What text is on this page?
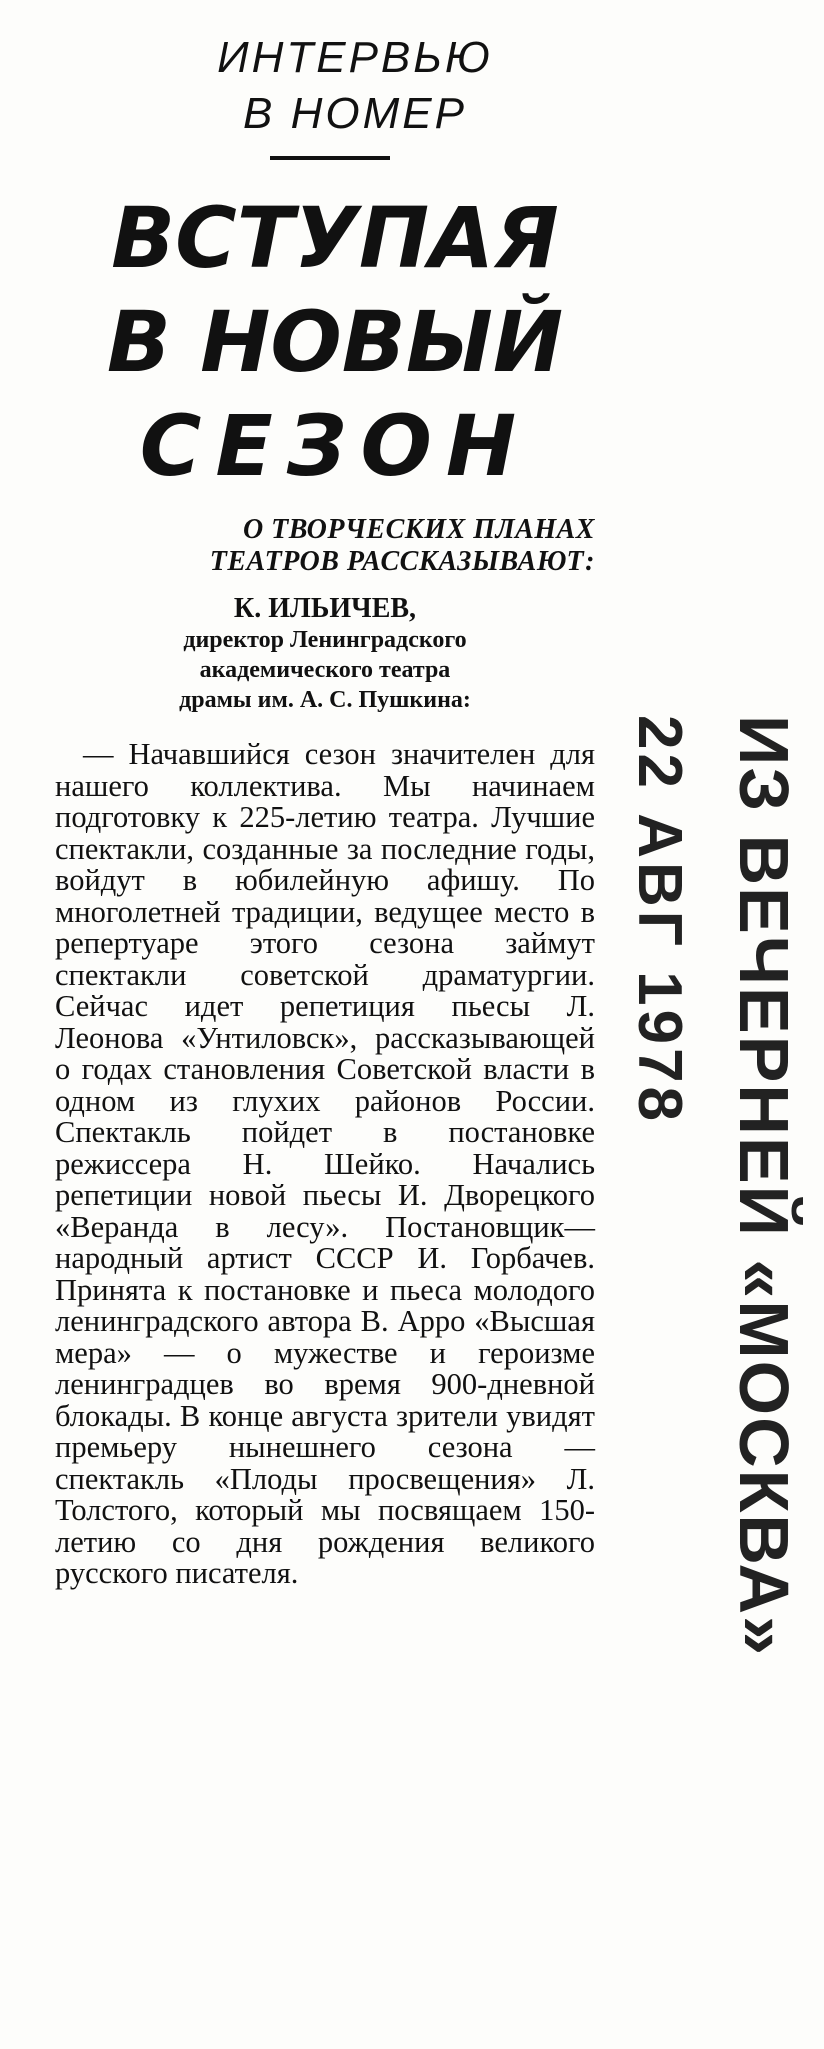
ИНТЕРВЬЮ
В НОМЕР
ВСТУПАЯ
В НОВЫЙ
СЕЗОН
О ТВОРЧЕСКИХ ПЛАНАХ
ТЕАТРОВ РАССКАЗЫВАЮТ:
К. ИЛЬИЧЕВ,
директор Ленинградского
академического театра
драмы им. А. С. Пушкина:

— Начавшийся сезон значителен для нашего коллектива. Мы начинаем подготовку к 225-летию театра. Лучшие спектакли, созданные за последние годы, войдут в юбилейную афишу. По многолетней традиции, ведущее место в репертуаре этого сезона займут спектакли советской драматургии. Сейчас идет репетиция пьесы Л. Леонова «Унтиловск», рассказывающей о годах становления Советской власти в одном из глухих районов России. Спектакль пойдет в постановке режиссера Н. Шейко. Начались репетиции новой пьесы И. Дворецкого «Веранда в лесу». Постановщик—народный артист СССР И. Горбачев. Принята к постановке и пьеса молодого ленинградского автора В. Арро «Высшая мера» — о мужестве и героизме ленинградцев во время 900-дневной блокады. В конце августа зрители увидят премьеру нынешнего сезона — спектакль «Плоды просвещения» Л. Толстого, который мы посвящаем 150-летию со дня рождения великого русского писателя.	ИЗ ВЕЧЕРНЕЙ «МОСКВА»
22 АВГ 1978
